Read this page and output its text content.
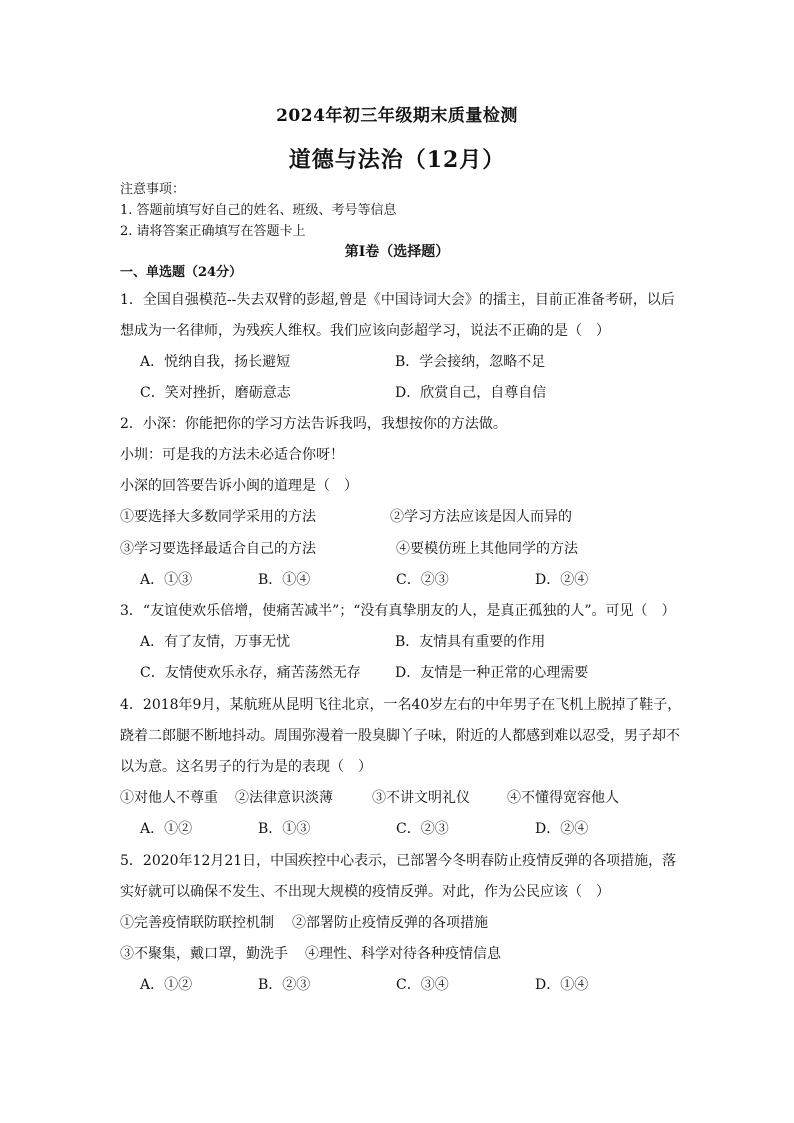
2024年初三年级期末质量检测
道德与法治（12月）
注意事项：
1. 答题前填写好自己的姓名、班级、考号等信息
2. 请将答案正确填写在答题卡上
第Ⅰ卷（选择题）
一、单选题（24分）
1．全国自强模范--失去双臂的彭超,曾是《中国诗词大会》的擂主，目前正准备考研，以后
想成为一名律师，为残疾人维权。我们应该向彭超学习，说法不正确的是（　）
A．悦纳自我，扬长避短	B．学会接纳，忽略不足
C．笑对挫折，磨砺意志	D．欣赏自己，自尊自信
2．小深：你能把你的学习方法告诉我吗，我想按你的方法做。
小圳：可是我的方法未必适合你呀！
小深的回答要告诉小闽的道理是（　）
①要选择大多数同学采用的方法	②学习方法应该是因人而异的
③学习要选择最适合自己的方法	④要模仿班上其他同学的方法
A．①③	B．①④	C．②③	D．②④
3．“友谊使欢乐倍增，使痛苦减半”；“没有真挚朋友的人，是真正孤独的人”。可见（　）
A．有了友情，万事无忧	B．友情具有重要的作用
C．友情使欢乐永存，痛苦荡然无存 D．友情是一种正常的心理需要
4．2018年9月，某航班从昆明飞往北京，一名40岁左右的中年男子在飞机上脱掉了鞋子，
跷着二郎腿不断地抖动。周围弥漫着一股臭脚丫子味，附近的人都感到难以忍受，男子却不
以为意。这名男子的行为是的表现（　）
①对他人不尊重 ②法律意识淡薄	③不讲文明礼仪	④不懂得宽容他人
A．①②	B．①③	C．②③	D．②④
5．2020年12月21日，中国疾控中心表示，已部署今冬明春防止疫情反弹的各项措施，落
实好就可以确保不发生、不出现大规模的疫情反弹。对此，作为公民应该（　）
①完善疫情联防联控机制 ②部署防止疫情反弹的各项措施
③不聚集，戴口罩，勤洗手 ④理性、科学对待各种疫情信息
A．①②	B．②③	C．③④	D．①④
